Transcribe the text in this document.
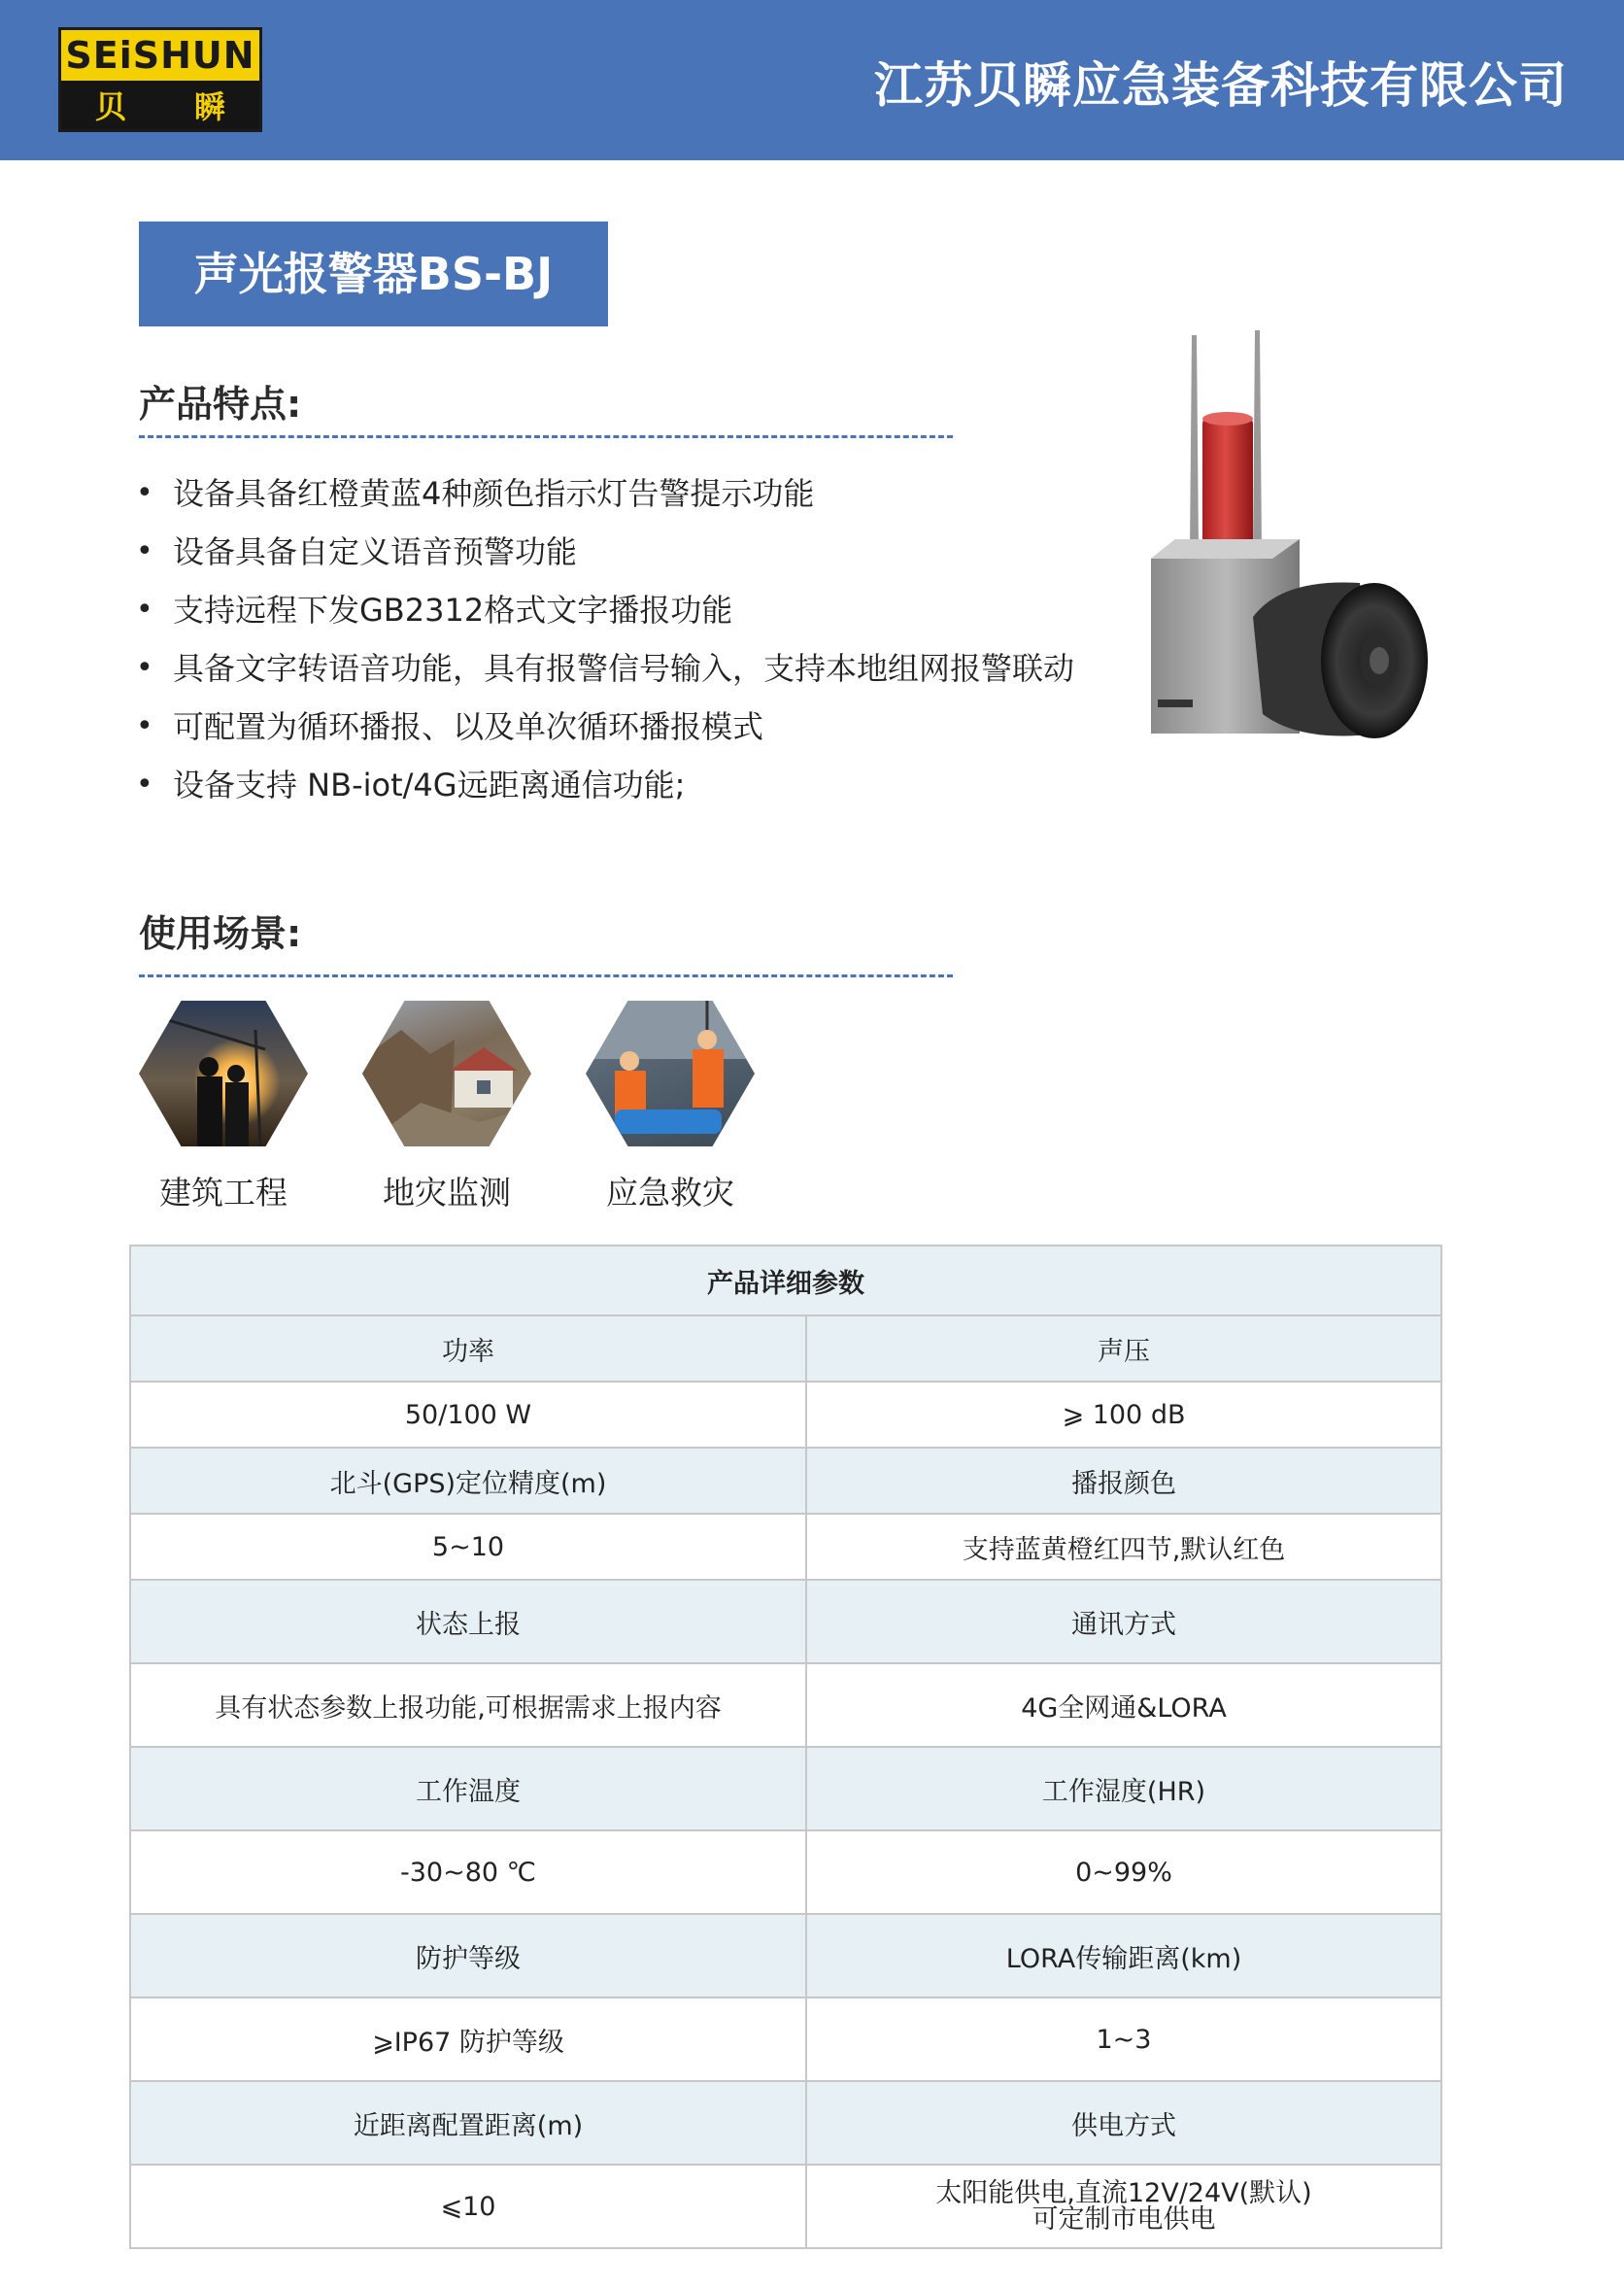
SEiSHUN
贝 瞬	江苏贝瞬应急装备科技有限公司
声光报警器BS-BJ
产品特点:
• 设备具备红橙黄蓝4种颜色指示灯告警提示功能
• 设备具备自定义语音预警功能
• 支持远程下发GB2312格式文字播报功能
• 具备文字转语音功能，具有报警信号输入，支持本地组网报警联动
• 可配置为循环播报、以及单次循环播报模式
• 设备支持 NB-iot/4G远距离通信功能;
使用场景:
建筑工程	地灾监测	应急救灾
产品详细参数	
功率	声压
50/100 W	⩾ 100 dB
北斗(GPS)定位精度(m)	播报颜色
5~10	支持蓝黄橙红四节,默认红色
状态上报	通讯方式
具有状态参数上报功能,可根据需求上报内容	4G全网通&LORA
工作温度	工作湿度(HR)
-30~80 ℃	0~99%
防护等级	LORA传输距离(km)
⩾IP67 防护等级	1~3
近距离配置距离(m)	供电方式
⩽10	太阳能供电,直流12V/24V(默认)
可定制市电供电
